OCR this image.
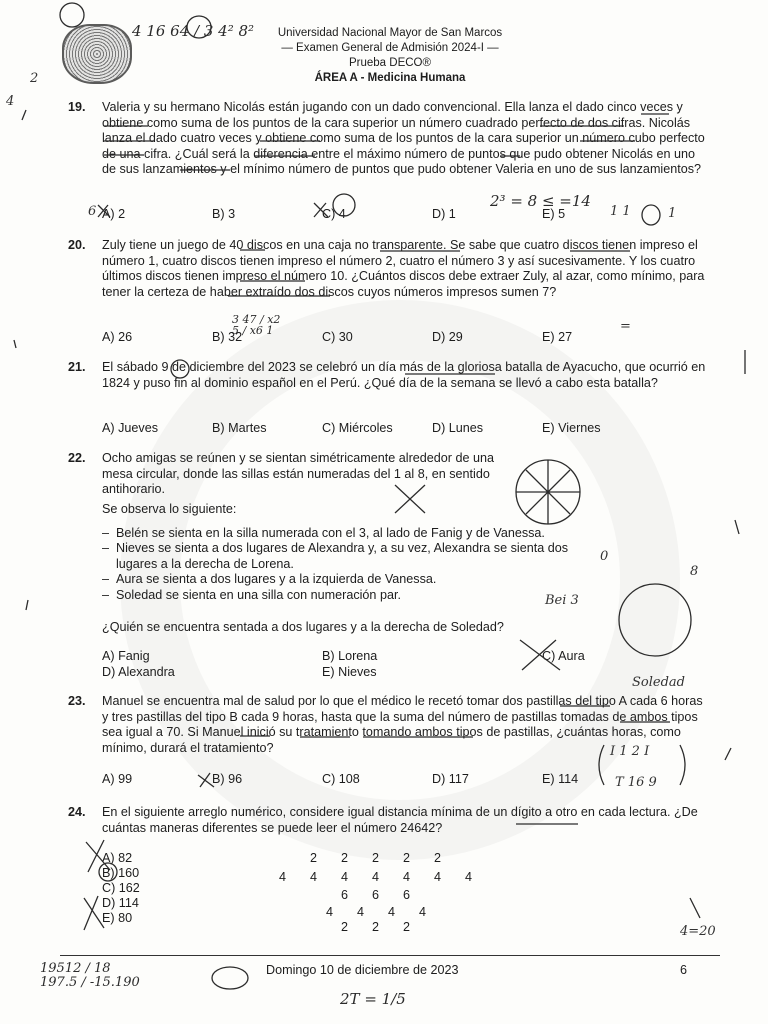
Universidad Nacional Mayor de San Marcos
— Examen General de Admisión 2024-I —
Prueba DECO®
ÁREA A - Medicina Humana
19.	Valeria y su hermano Nicolás están jugando con un dado convencional. Ella lanza el dado cinco veces y obtiene como suma de los puntos de la cara superior un número cuadrado perfecto de dos cifras. Nicolás lanza el dado cuatro veces y obtiene como suma de los puntos de la cara superior un número cubo perfecto de una cifra. ¿Cuál será la diferencia entre el máximo número de puntos que pudo obtener Nicolás en uno de sus lanzamientos y el mínimo número de puntos que pudo obtener Valeria en uno de sus lanzamientos?
A) 2	B) 3	C) 4	D) 1	E) 5
20.	Zuly tiene un juego de 40 discos en una caja no transparente. Se sabe que cuatro discos tienen impreso el número 1, cuatro discos tienen impreso el número 2, cuatro el número 3 y así sucesivamente. Y los cuatro últimos discos tienen impreso el número 10. ¿Cuántos discos debe extraer Zuly, al azar, como mínimo, para tener la certeza de haber extraído dos discos cuyos números impresos sumen 7?
A) 26	B) 32	C) 30	D) 29	E) 27
21.	El sábado 9 de diciembre del 2023 se celebró un día más de la gloriosa batalla de Ayacucho, que ocurrió en 1824 y puso fin al dominio español en el Perú. ¿Qué día de la semana se llevó a cabo esta batalla?
A) Jueves	B) Martes	C) Miércoles	D) Lunes	E) Viernes
22.	Ocho amigas se reúnen y se sientan simétricamente alrededor de una mesa circular, donde las sillas están numeradas del 1 al 8, en sentido antihorario.
Se observa lo siguiente:
– Belén se sienta en la silla numerada con el 3, al lado de Fanig y de Vanessa.
– Nieves se sienta a dos lugares de Alexandra y, a su vez, Alexandra se sienta dos lugares a la derecha de Lorena.
– Aura se sienta a dos lugares y a la izquierda de Vanessa.
– Soledad se sienta en una silla con numeración par.
¿Quién se encuentra sentada a dos lugares y a la derecha de Soledad?
A) Fanig	B) Lorena	C) Aura
D) Alexandra	E) Nieves
23.	Manuel se encuentra mal de salud por lo que el médico le recetó tomar dos pastillas del tipo A cada 6 horas y tres pastillas del tipo B cada 9 horas, hasta que la suma del número de pastillas tomadas de ambos tipos sea igual a 70. Si Manuel inició su tratamiento tomando ambos tipos de pastillas, ¿cuántas horas, como mínimo, durará el tratamiento?
A) 99	B) 96	C) 108	D) 117	E) 114
24.	En el siguiente arreglo numérico, considere igual distancia mínima de un dígito a otro en cada lectura. ¿De cuántas maneras diferentes se puede leer el número 24642?
A) 82
B) 160
C) 162
D) 114
E) 80
2 2 2 2 2
4 4 4 4 4 4 4
6 6 6
4 4 4 4
2 2 2
Domingo 10 de diciembre de 2023	6
4 16 64 / 3 4² 8²
2³ = 8 ≤ =14
3 47 / x2 5 / x6 1
19512 / 18 197.5 / -15.190
2T = 1/5
4
2
6	1 1	1
=
0
8
Bei 3
Soledad
I 1 2 I
T 16 9
4=20
